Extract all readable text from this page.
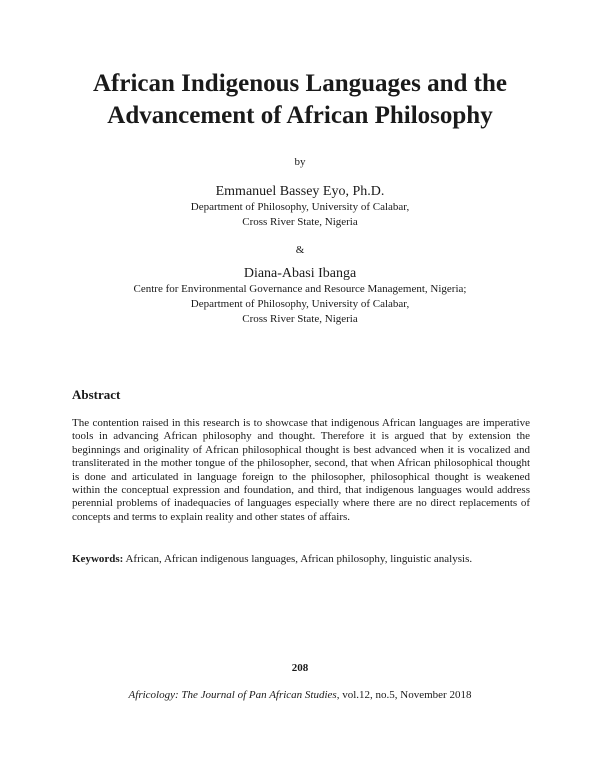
African Indigenous Languages and the
Advancement of African Philosophy
by
Emmanuel Bassey Eyo, Ph.D.
Department of Philosophy, University of Calabar,
Cross River State, Nigeria
&
Diana-Abasi Ibanga
Centre for Environmental Governance and Resource Management, Nigeria;
Department of Philosophy, University of Calabar,
Cross River State, Nigeria
Abstract

The contention raised in this research is to showcase that indigenous African languages are imperative tools in advancing African philosophy and thought. Therefore it is argued that by extension the beginnings and originality of African philosophical thought is best advanced when it is vocalized and transliterated in the mother tongue of the philosopher, second, that when African philosophical thought is done and articulated in language foreign to the philosopher, philosophical thought is weakened within the conceptual expression and foundation, and third, that indigenous languages would address perennial problems of inadequacies of languages especially where there are no direct replacements of concepts and terms to explain reality and other states of affairs.

Keywords: African, African indigenous languages, African philosophy, linguistic analysis.

208
Africology: The Journal of Pan African Studies, vol.12, no.5, November 2018
